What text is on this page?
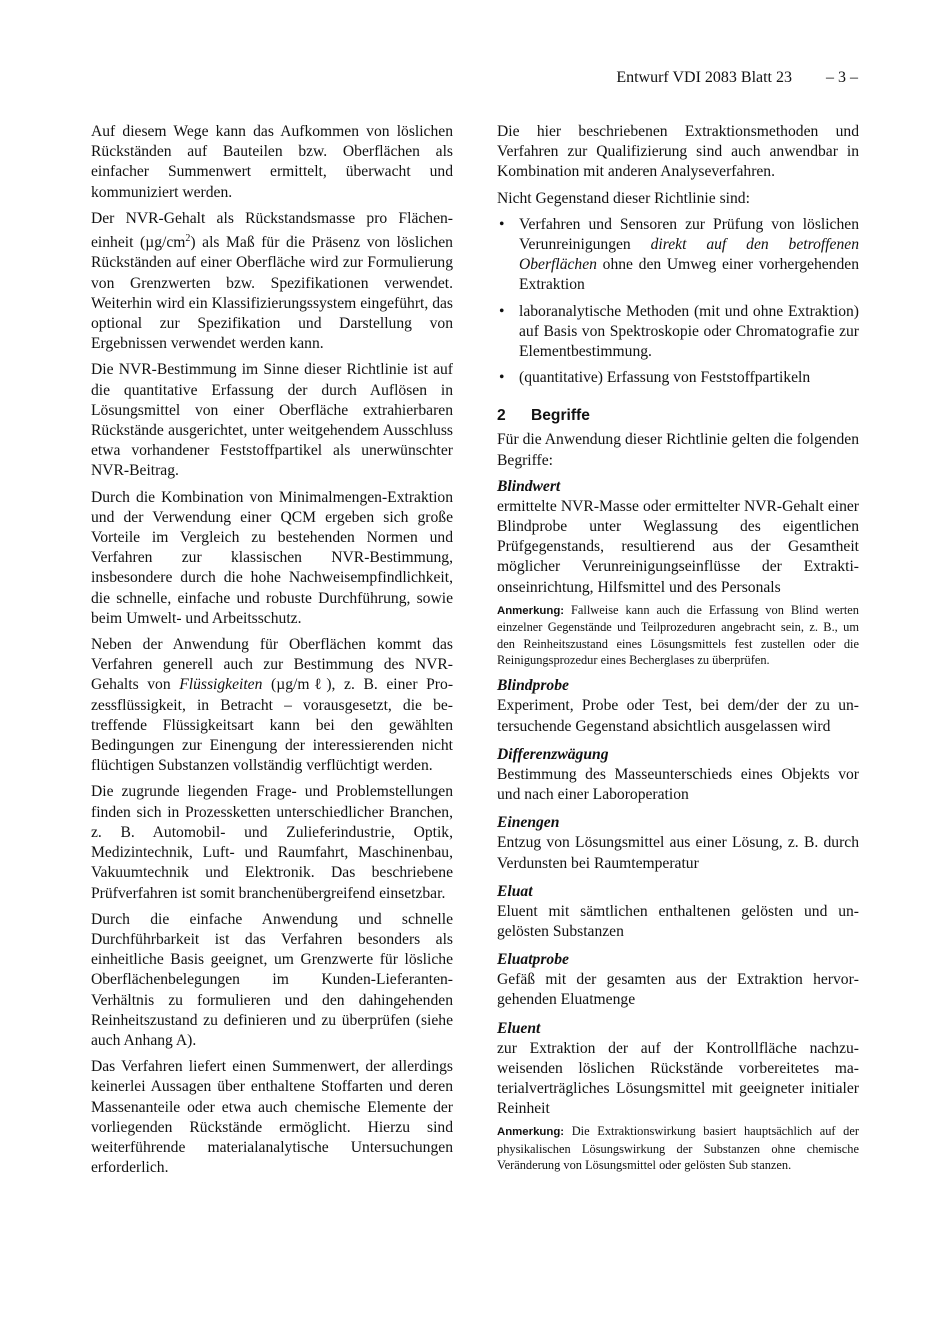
Entwurf VDI 2083 Blatt 23 – 3 –

Auf diesem Wege kann das Aufkommen von löslichen Rückständen auf Bauteilen bzw. Oberflächen als einfacher Summenwert ermittelt, überwacht und kommuniziert werden.

Der NVR-Gehalt als Rückstandsmasse pro Flächeneinheit $(\mu g/cm^2)$ als Maß für die Präsenz von löslichen Rückständen auf einer Oberfläche wird zur Formulierung von Grenzwerten bzw. Spezifikationen verwendet. Weiterhin wird ein Klassifizierungssystem eingeführt, das optional zur Spezifikation und Darstellung von Ergebnissen verwendet werden kann.

Die NVR-Bestimmung im Sinne dieser Richtlinie ist auf die quantitative Erfassung der durch Auflösen in Lösungsmittel von einer Oberfläche extrahierbaren Rückstände ausgerichtet, unter weitgehendem Ausschluss etwa vorhandener Feststoffpartikel als unerwünschter NVR-Beitrag.

Durch die Kombination von Minimalmengen-Extraktion und der Verwendung einer QCM ergeben sich große Vorteile im Vergleich zu bestehenden Normen und Verfahren zur klassischen NVR-Bestimmung, insbesondere durch die hohe Nachweisempfindlichkeit, die schnelle, einfache und robuste Durchführung, sowie beim Umwelt- und Arbeitsschutz.

Neben der Anwendung für Oberflächen kommt das Verfahren generell auch zur Bestimmung des NVR-Gehalts von Flüssigkeiten (µg/mℓ), z. B. einer Prozessflüssigkeit, in Betracht – vorausgesetzt, die betreffende Flüssigkeitsart kann bei den gewählten Bedingungen zur Einengung der interessierenden nicht flüchtigen Substanzen vollständig verflüchtigt werden.

Die zugrunde liegenden Frage- und Problemstellungen finden sich in Prozessketten unterschiedlicher Branchen, z. B. Automobil- und Zulieferindustrie, Optik, Medizintechnik, Luft- und Raumfahrt, Maschinenbau, Vakuumtechnik und Elektronik. Das beschriebene Prüfverfahren ist somit branchenübergreifend einsetzbar.

Durch die einfache Anwendung und schnelle Durchführbarkeit ist das Verfahren besonders als einheitliche Basis geeignet, um Grenzwerte für lösliche Oberflächenbelegungen im Kunden-Lieferanten-Verhältnis zu formulieren und den dahingehenden Reinheitszustand zu definieren und zu überprüfen (siehe auch Anhang A).

Das Verfahren liefert einen Summenwert, der allerdings keinerlei Aussagen über enthaltene Stoffarten und deren Massenanteile oder etwa auch chemische Elemente der vorliegenden Rückstände ermöglicht. Hierzu sind weiterführende materialanalytische Untersuchungen erforderlich.

Die hier beschriebenen Extraktionsmethoden und Verfahren zur Qualifizierung sind auch anwendbar in Kombination mit anderen Analyseverfahren.

Nicht Gegenstand dieser Richtlinie sind:

• Verfahren und Sensoren zur Prüfung von löslichen Verunreinigungen direkt auf den betroffenen Oberflächen ohne den Umweg einer vorhergehenden Extraktion
• laboranalytische Methoden (mit und ohne Extraktion) auf Basis von Spektroskopie oder Chromatografie zur Elementbestimmung.
• (quantitative) Erfassung von Feststoffpartikeln
2 Begriffe

Für die Anwendung dieser Richtlinie gelten die folgenden Begriffe:

Blindwert
ermittelte NVR-Masse oder ermittelter NVR-Gehalt einer Blindprobe unter Weglassung des eigentlichen Prüfgegenstands, resultierend aus der Gesamtheit möglicher Verunreinigungseinflüsse der Extraktionseinrichtung, Hilfsmittel und des Personals
Anmerkung: Fallweise kann auch die Erfassung von Blind werten einzelner Gegenstände und Teilprozeduren angebracht sein, z. B., um den Reinheitszustand eines Lösungsmittels fest zustellen oder die Reinigungsprozedur eines Becherglases zu überprüfen.
Blindprobe
Experiment, Probe oder Test, bei dem/der der zu untersuchende Gegenstand absichtlich ausgelassen wird
Differenzwägung
Bestimmung des Masseunterschieds eines Objekts vor und nach einer Laboroperation
Einengen
Entzug von Lösungsmittel aus einer Lösung, z. B. durch Verdunsten bei Raumtemperatur
Eluat
Eluent mit sämtlichen enthaltenen gelösten und ungelösten Substanzen
Eluatprobe
Gefäß mit der gesamten aus der Extraktion hervorgehenden Eluatmenge
Eluent
zur Extraktion der auf der Kontrollfläche nachzuweisenden löslichen Rückstände vorbereitetes materialverträgliches Lösungsmittel mit geeigneter initialer Reinheit
Anmerkung: Die Extraktionswirkung basiert hauptsächlich auf der physikalischen Lösungswirkung der Substanzen ohne chemische Veränderung von Lösungsmittel oder gelösten Sub stanzen.
